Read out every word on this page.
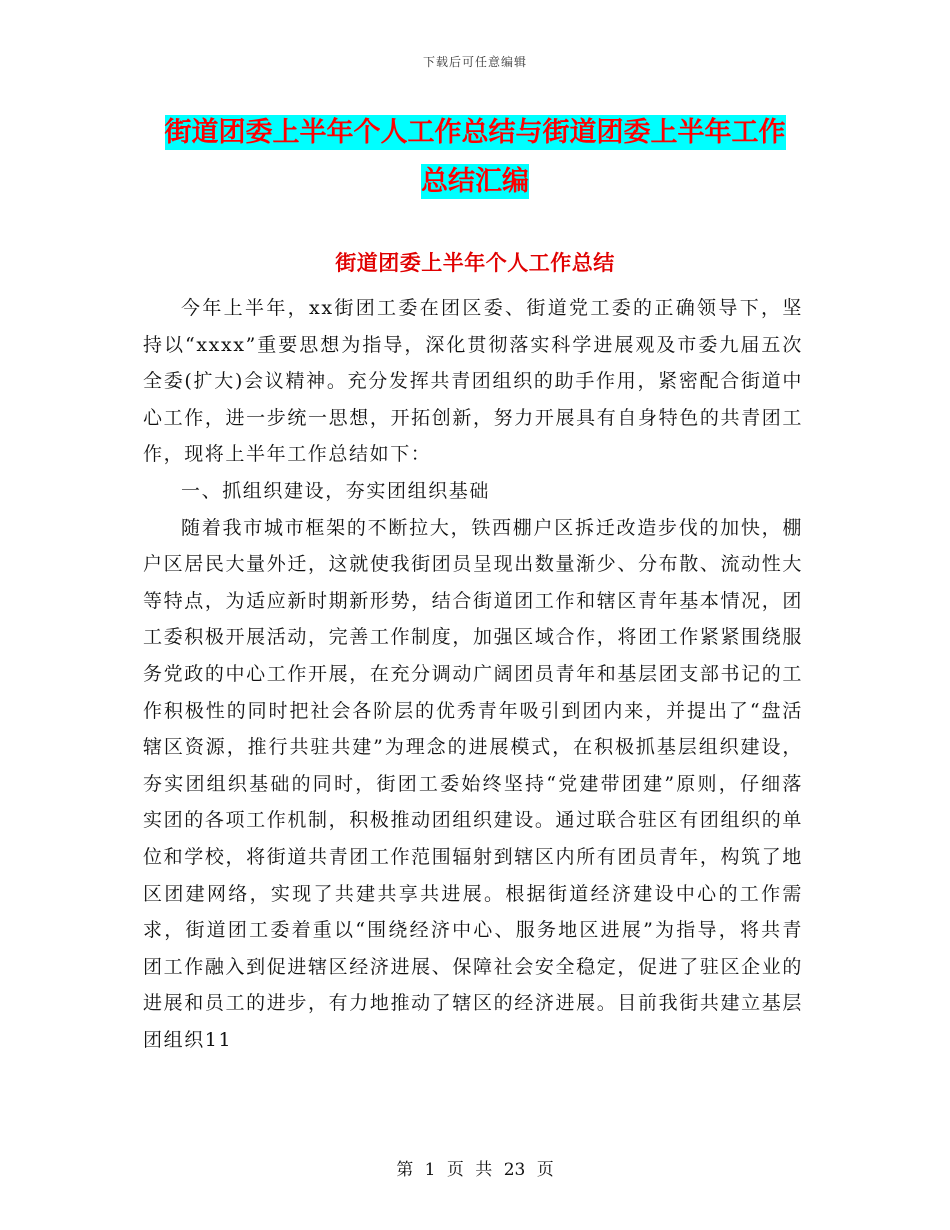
下载后可任意编辑
街道团委上半年个人工作总结与街道团委上半年工作
总结汇编
街道团委上半年个人工作总结

今年上半年，xx街团工委在团区委、街道党工委的正确领导下，坚持以“xxxx”重要思想为指导，深化贯彻落实科学进展观及市委九届五次全委(扩大)会议精神。充分发挥共青团组织的助手作用，紧密配合街道中心工作，进一步统一思想，开拓创新，努力开展具有自身特色的共青团工作，现将上半年工作总结如下：

一、抓组织建设，夯实团组织基础

随着我市城市框架的不断拉大，铁西棚户区拆迁改造步伐的加快，棚户区居民大量外迁，这就使我街团员呈现出数量渐少、分布散、流动性大等特点，为适应新时期新形势，结合街道团工作和辖区青年基本情况，团工委积极开展活动，完善工作制度，加强区域合作，将团工作紧紧围绕服务党政的中心工作开展，在充分调动广阔团员青年和基层团支部书记的工作积极性的同时把社会各阶层的优秀青年吸引到团内来，并提出了“盘活辖区资源，推行共驻共建”为理念的进展模式，在积极抓基层组织建设，夯实团组织基础的同时，街团工委始终坚持“党建带团建”原则，仔细落实团的各项工作机制，积极推动团组织建设。通过联合驻区有团组织的单位和学校，将街道共青团工作范围辐射到辖区内所有团员青年，构筑了地区团建网络，实现了共建共享共进展。根据街道经济建设中心的工作需求，街道团工委着重以“围绕经济中心、服务地区进展”为指导，将共青团工作融入到促进辖区经济进展、保障社会安全稳定，促进了驻区企业的进展和员工的进步，有力地推动了辖区的经济进展。目前我街共建立基层团组织11

第 1 页 共 23 页
